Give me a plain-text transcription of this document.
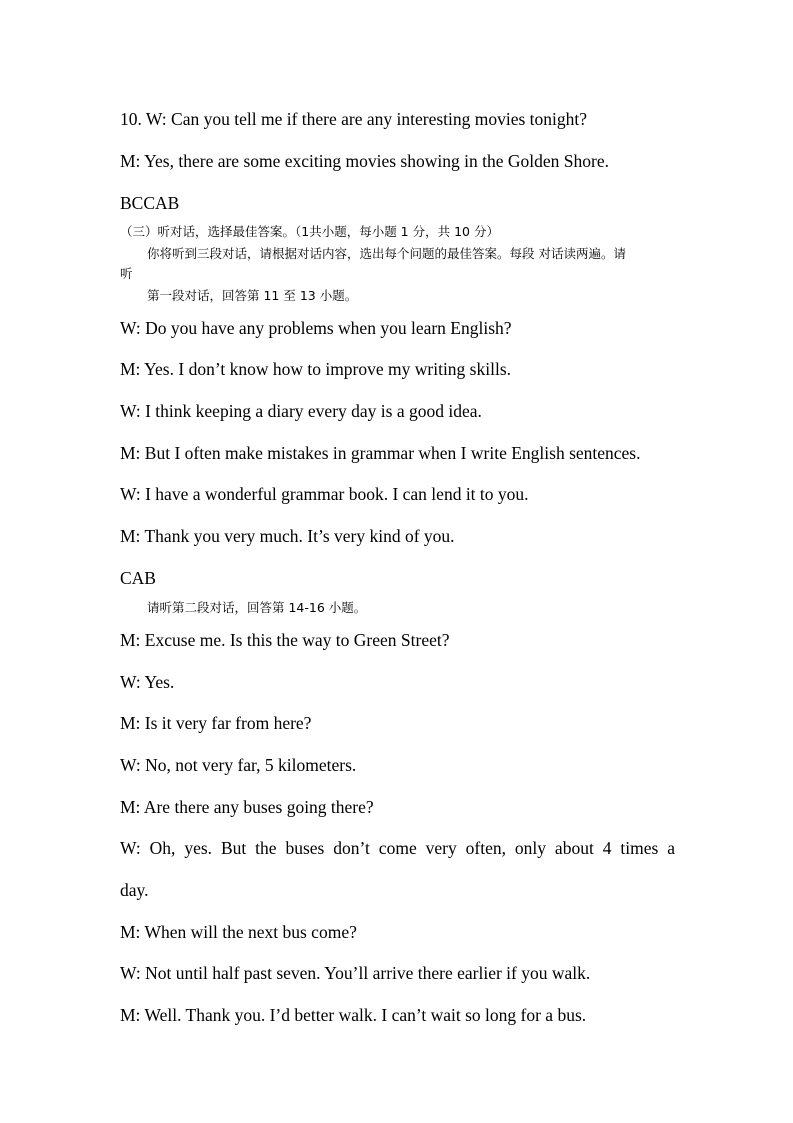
10. W: Can you tell me if there are any interesting movies tonight?
M: Yes, there are some exciting movies showing in the Golden Shore.
BCCAB
（三）听对话，选择最佳答案。（1共小题，每小题 1 分，共 10 分）
你将听到三段对话，请根据对话内容，选出每个问题的最佳答案。每段 对话读两遍。请
听
第一段对话，回答第 11 至 13 小题。
W: Do you have any problems when you learn English?
M: Yes. I don’t know how to improve my writing skills.
W: I think keeping a diary every day is a good idea.
M: But I often make mistakes in grammar when I write English sentences.
W: I have a wonderful grammar book. I can lend it to you.
M: Thank you very much. It’s very kind of you.
CAB
请听第二段对话，回答第 14-16 小题。
M: Excuse me. Is this the way to Green Street?
W: Yes.
M: Is it very far from here?
W: No, not very far, 5 kilometers.
M: Are there any buses going there?
W: Oh, yes. But the buses don’t come very often, only about 4 times a
day.
M: When will the next bus come?
W: Not until half past seven. You’ll arrive there earlier if you walk.
M: Well. Thank you. I’d better walk. I can’t wait so long for a bus.
